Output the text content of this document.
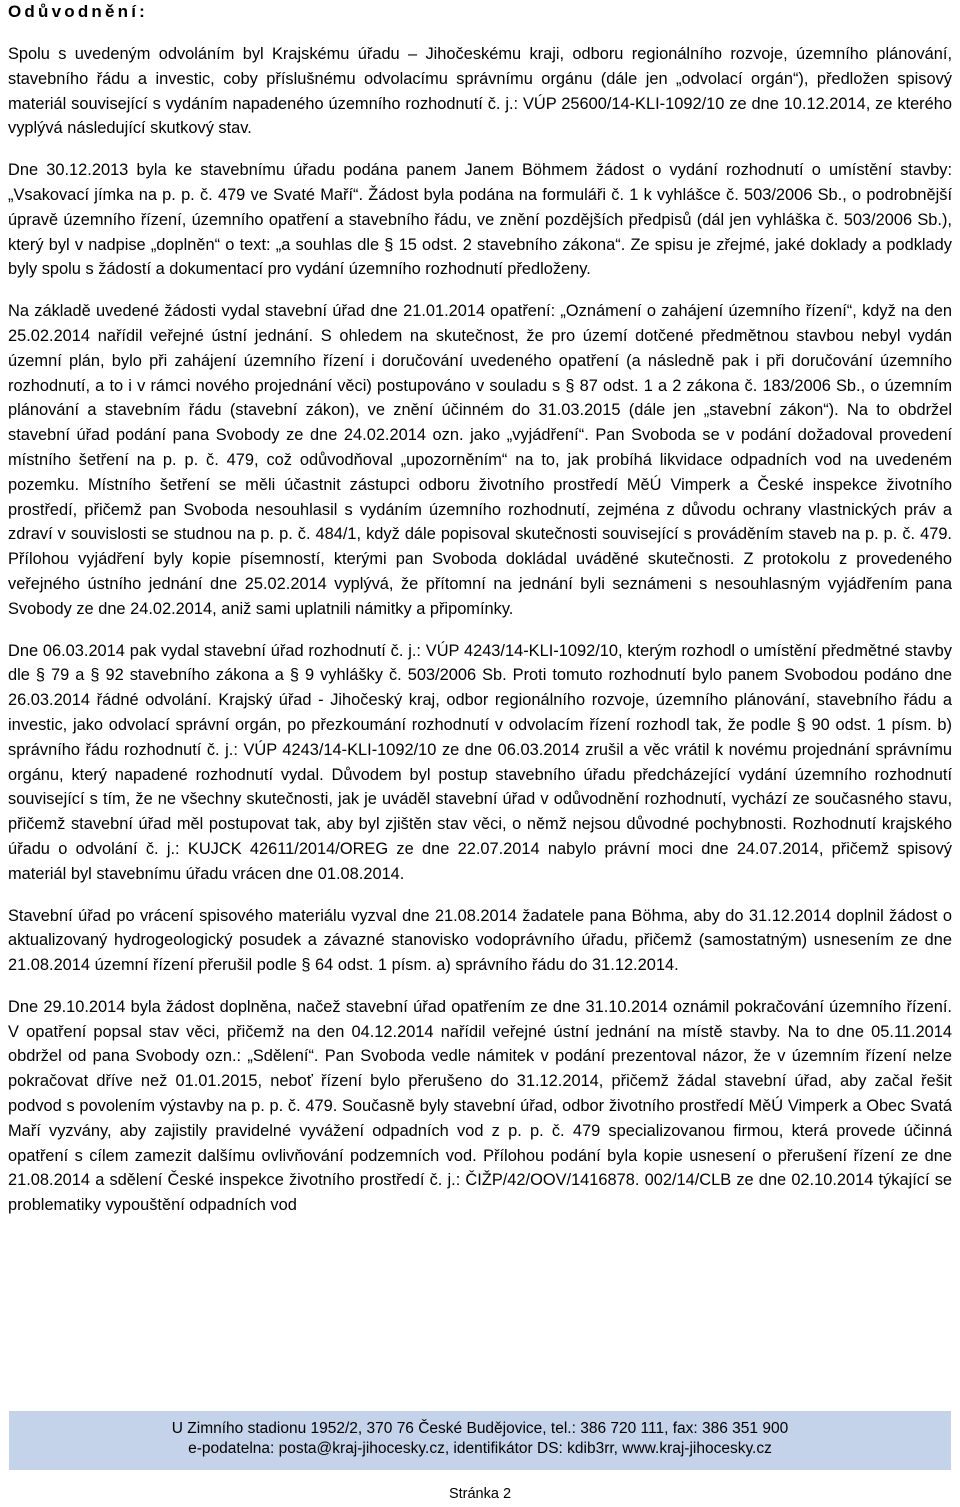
Odůvodnění:

Spolu s uvedeným odvoláním byl Krajskému úřadu – Jihočeskému kraji, odboru regionálního rozvoje, územního plánování, stavebního řádu a investic, coby příslušnému odvolacímu správnímu orgánu (dále jen „odvolací orgán“), předložen spisový materiál související s vydáním napadeného územního rozhodnutí č. j.: VÚP 25600/14-KLI-1092/10 ze dne 10.12.2014, ze kterého vyplývá následující skutkový stav.

Dne 30.12.2013 byla ke stavebnímu úřadu podána panem Janem Böhmem žádost o vydání rozhodnutí o umístění stavby: „Vsakovací jímka na p. p. č. 479 ve Svaté Maří“. Žádost byla podána na formuláři č. 1 k vyhlášce č. 503/2006 Sb., o podrobnější úpravě územního řízení, územního opatření a stavebního řádu, ve znění pozdějších předpisů (dál jen vyhláška č. 503/2006 Sb.), který byl v nadpise „doplněn“ o text: „a souhlas dle § 15 odst. 2 stavebního zákona“. Ze spisu je zřejmé, jaké doklady a podklady byly spolu s žádostí a dokumentací pro vydání územního rozhodnutí předloženy.

Na základě uvedené žádosti vydal stavební úřad dne 21.01.2014 opatření: „Oznámení o zahájení územního řízení“, když na den 25.02.2014 nařídil veřejné ústní jednání. S ohledem na skutečnost, že pro území dotčené předmětnou stavbou nebyl vydán územní plán, bylo při zahájení územního řízení i doručování uvedeného opatření (a následně pak i při doručování územního rozhodnutí, a to i v rámci nového projednání věci) postupováno v souladu s § 87 odst. 1 a 2 zákona č. 183/2006 Sb., o územním plánování a stavebním řádu (stavební zákon), ve znění účinném do 31.03.2015 (dále jen „stavební zákon“). Na to obdržel stavební úřad podání pana Svobody ze dne 24.02.2014 ozn. jako „vyjádření“. Pan Svoboda se v podání dožadoval provedení místního šetření na p. p. č. 479, což odůvodňoval „upozorněním“ na to, jak probíhá likvidace odpadních vod na uvedeném pozemku. Místního šetření se měli účastnit zástupci odboru životního prostředí MěÚ Vimperk a České inspekce životního prostředí, přičemž pan Svoboda nesouhlasil s vydáním územního rozhodnutí, zejména z důvodu ochrany vlastnických práv a zdraví v souvislosti se studnou na p. p. č. 484/1, když dále popisoval skutečnosti související s prováděním staveb na p. p. č. 479. Přílohou vyjádření byly kopie písemností, kterými pan Svoboda dokládal uváděné skutečnosti. Z protokolu z provedeného veřejného ústního jednání dne 25.02.2014 vyplývá, že přítomní na jednání byli seznámeni s nesouhlasným vyjádřením pana Svobody ze dne 24.02.2014, aniž sami uplatnili námitky a připomínky.

Dne 06.03.2014 pak vydal stavební úřad rozhodnutí č. j.: VÚP 4243/14-KLI-1092/10, kterým rozhodl o umístění předmětné stavby dle § 79 a § 92 stavebního zákona a § 9 vyhlášky č. 503/2006 Sb. Proti tomuto rozhodnutí bylo panem Svobodou podáno dne 26.03.2014 řádné odvolání. Krajský úřad - Jihočeský kraj, odbor regionálního rozvoje, územního plánování, stavebního řádu a investic, jako odvolací správní orgán, po přezkoumání rozhodnutí v odvolacím řízení rozhodl tak, že podle § 90 odst. 1 písm. b) správního řádu rozhodnutí č. j.: VÚP 4243/14-KLI-1092/10 ze dne 06.03.2014 zrušil a věc vrátil k novému projednání správnímu orgánu, který napadené rozhodnutí vydal. Důvodem byl postup stavebního úřadu předcházející vydání územního rozhodnutí související s tím, že ne všechny skutečnosti, jak je uváděl stavební úřad v odůvodnění rozhodnutí, vychází ze současného stavu, přičemž stavební úřad měl postupovat tak, aby byl zjištěn stav věci, o němž nejsou důvodné pochybnosti. Rozhodnutí krajského úřadu o odvolání č. j.: KUJCK 42611/2014/OREG ze dne 22.07.2014 nabylo právní moci dne 24.07.2014, přičemž spisový materiál byl stavebnímu úřadu vrácen dne 01.08.2014.

Stavební úřad po vrácení spisového materiálu vyzval dne 21.08.2014 žadatele pana Böhma, aby do 31.12.2014 doplnil žádost o aktualizovaný hydrogeologický posudek a závazné stanovisko vodoprávního úřadu, přičemž (samostatným) usnesením ze dne 21.08.2014 územní řízení přerušil podle § 64 odst. 1 písm. a) správního řádu do 31.12.2014.

Dne 29.10.2014 byla žádost doplněna, načež stavební úřad opatřením ze dne 31.10.2014 oznámil pokračování územního řízení. V opatření popsal stav věci, přičemž na den 04.12.2014 nařídil veřejné ústní jednání na místě stavby. Na to dne 05.11.2014 obdržel od pana Svobody ozn.: „Sdělení“. Pan Svoboda vedle námitek v podání prezentoval názor, že v územním řízení nelze pokračovat dříve než 01.01.2015, neboť řízení bylo přerušeno do 31.12.2014, přičemž žádal stavební úřad, aby začal řešit podvod s povolením výstavby na p. p. č. 479. Současně byly stavební úřad, odbor životního prostředí MěÚ Vimperk a Obec Svatá Maří vyzvány, aby zajistily pravidelné vyvážení odpadních vod z p. p. č. 479 specializovanou firmou, která provede účinná opatření s cílem zamezit dalšímu ovlivňování podzemních vod. Přílohou podání byla kopie usnesení o přerušení řízení ze dne 21.08.2014 a sdělení České inspekce životního prostředí č. j.: ČIŽP/42/OOV/1416878. 002/14/CLB ze dne 02.10.2014 týkající se problematiky vypouštění odpadních vod

U Zimního stadionu 1952/2, 370 76 České Budějovice, tel.: 386 720 111, fax: 386 351 900
e-podatelna: posta@kraj-jihocesky.cz, identifikátor DS: kdib3rr, www.kraj-jihocesky.cz
Stránka 2
